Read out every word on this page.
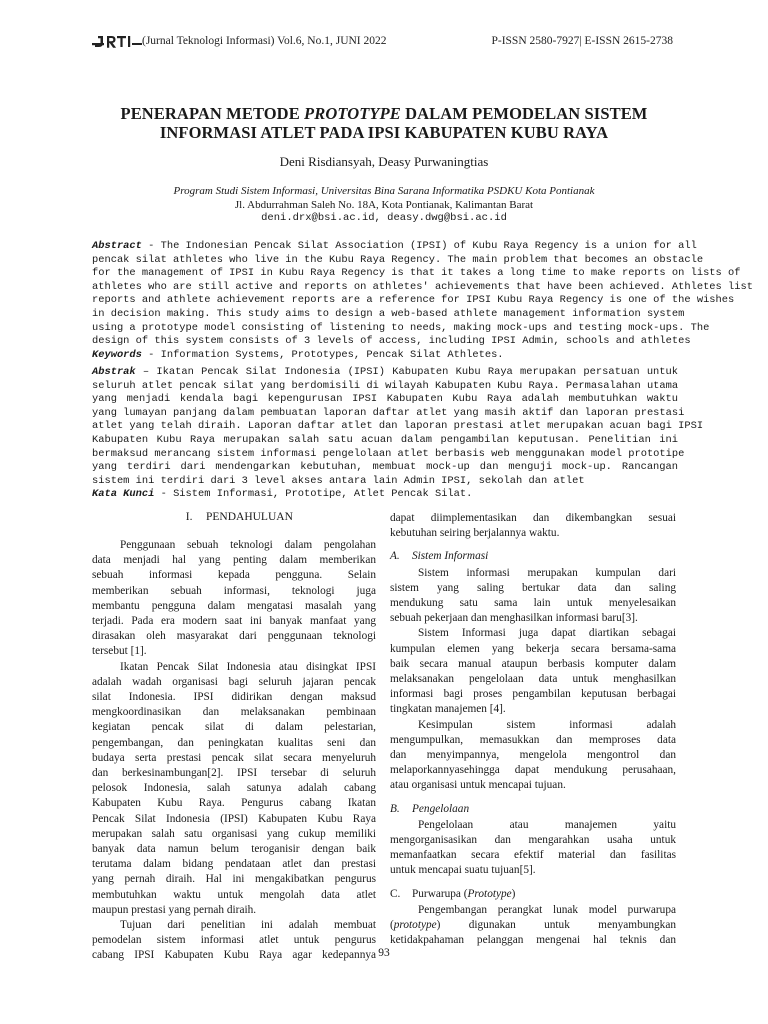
(Jurnal Teknologi Informasi) Vol.6, No.1, JUNI 2022	P-ISSN 2580-7927| E-ISSN 2615-2738
PENERAPAN METODE PROTOTYPE DALAM PEMODELAN SISTEM
INFORMASI ATLET PADA IPSI KABUPATEN KUBU RAYA
Deni Risdiansyah, Deasy Purwaningtias
Program Studi Sistem Informasi, Universitas Bina Sarana Informatika PSDKU Kota Pontianak
Jl. Abdurrahman Saleh No. 18A, Kota Pontianak, Kalimantan Barat
deni.drx@bsi.ac.id, deasy.dwg@bsi.ac.id
Abstract - The Indonesian Pencak Silat Association (IPSI) of Kubu Raya Regency is a union for all
pencak silat athletes who live in the Kubu Raya Regency. The main problem that becomes an obstacle
for the management of IPSI in Kubu Raya Regency is that it takes a long time to make reports on lists of
athletes who are still active and reports on athletes' achievements that have been achieved. Athletes list
reports and athlete achievement reports are a reference for IPSI Kubu Raya Regency is one of the wishes
in decision making. This study aims to design a web-based athlete management information system
using a prototype model consisting of listening to needs, making mock-ups and testing mock-ups. The
design of this system consists of 3 levels of access, including IPSI Admin, schools and athletes
Keywords - Information Systems, Prototypes, Pencak Silat Athletes.
Abstrak – Ikatan Pencak Silat Indonesia (IPSI) Kabupaten Kubu Raya merupakan persatuan untuk
seluruh atlet pencak silat yang berdomisili di wilayah Kabupaten Kubu Raya. Permasalahan utama
yang menjadi kendala bagi kepengurusan IPSI Kabupaten Kubu Raya adalah membutuhkan waktu
yang lumayan panjang dalam pembuatan laporan daftar atlet yang masih aktif dan laporan prestasi
atlet yang telah diraih. Laporan daftar atlet dan laporan prestasi atlet merupakan acuan bagi IPSI
Kabupaten Kubu Raya merupakan salah satu acuan dalam pengambilan keputusan. Penelitian ini
bermaksud merancang sistem informasi pengelolaan atlet berbasis web menggunakan model prototipe
yang terdiri dari mendengarkan kebutuhan, membuat mock-up dan menguji mock-up. Rancangan
sistem ini terdiri dari 3 level akses antara lain Admin IPSI, sekolah dan atlet
Kata Kunci - Sistem Informasi, Prototipe, Atlet Pencak Silat.
I. PENDAHULUAN
Penggunaan sebuah teknologi dalam pengolahan
data menjadi hal yang penting dalam memberikan
sebuah informasi kepada pengguna. Selain
memberikan sebuah informasi, teknologi juga
membantu pengguna dalam mengatasi masalah yang
terjadi. Pada era modern saat ini banyak manfaat yang
dirasakan oleh masyarakat dari penggunaan teknologi
tersebut [1].
Ikatan Pencak Silat Indonesia atau disingkat IPSI
adalah wadah organisasi bagi seluruh jajaran pencak
silat Indonesia. IPSI didirikan dengan maksud
mengkoordinasikan dan melaksanakan pembinaan
kegiatan pencak silat di dalam pelestarian,
pengembangan, dan peningkatan kualitas seni dan
budaya serta prestasi pencak silat secara menyeluruh
dan berkesinambungan[2]. IPSI tersebar di seluruh
pelosok Indonesia, salah satunya adalah cabang
Kabupaten Kubu Raya. Pengurus cabang Ikatan
Pencak Silat Indonesia (IPSI) Kabupaten Kubu Raya
merupakan salah satu organisasi yang cukup memiliki
banyak data namun belum teroganisir dengan baik
terutama dalam bidang pendataan atlet dan prestasi
yang pernah diraih. Hal ini mengakibatkan pengurus
membutuhkan waktu untuk mengolah data atlet
maupun prestasi yang pernah diraih.
Tujuan dari penelitian ini adalah membuat
pemodelan sistem informasi atlet untuk pengurus
cabang IPSI Kabupaten Kubu Raya agar kedepannya
dapat diimplementasikan dan dikembangkan sesuai
kebutuhan seiring berjalannya waktu.
A. Sistem Informasi
Sistem informasi merupakan kumpulan dari
sistem yang saling bertukar data dan saling
mendukung satu sama lain untuk menyelesaikan
sebuah pekerjaan dan menghasilkan informasi baru[3].
Sistem Informasi juga dapat diartikan sebagai
kumpulan elemen yang bekerja secara bersama-sama
baik secara manual ataupun berbasis komputer dalam
melaksanakan pengelolaan data untuk menghasilkan
informasi bagi proses pengambilan keputusan berbagai
tingkatan manajemen [4].
Kesimpulan sistem informasi adalah
mengumpulkan, memasukkan dan memproses data
dan menyimpannya, mengelola mengontrol dan
melaporkannyasehingga dapat mendukung perusahaan,
atau organisasi untuk mencapai tujuan.
B. Pengelolaan
Pengelolaan atau manajemen yaitu
mengorganisasikan dan mengarahkan usaha untuk
memanfaatkan secara efektif material dan fasilitas
untuk mencapai suatu tujuan[5].
C. Purwarupa (Prototype)
Pengembangan perangkat lunak model purwarupa
(prototype) digunakan untuk menyambungkan
ketidakpahaman pelanggan mengenai hal teknis dan
93
